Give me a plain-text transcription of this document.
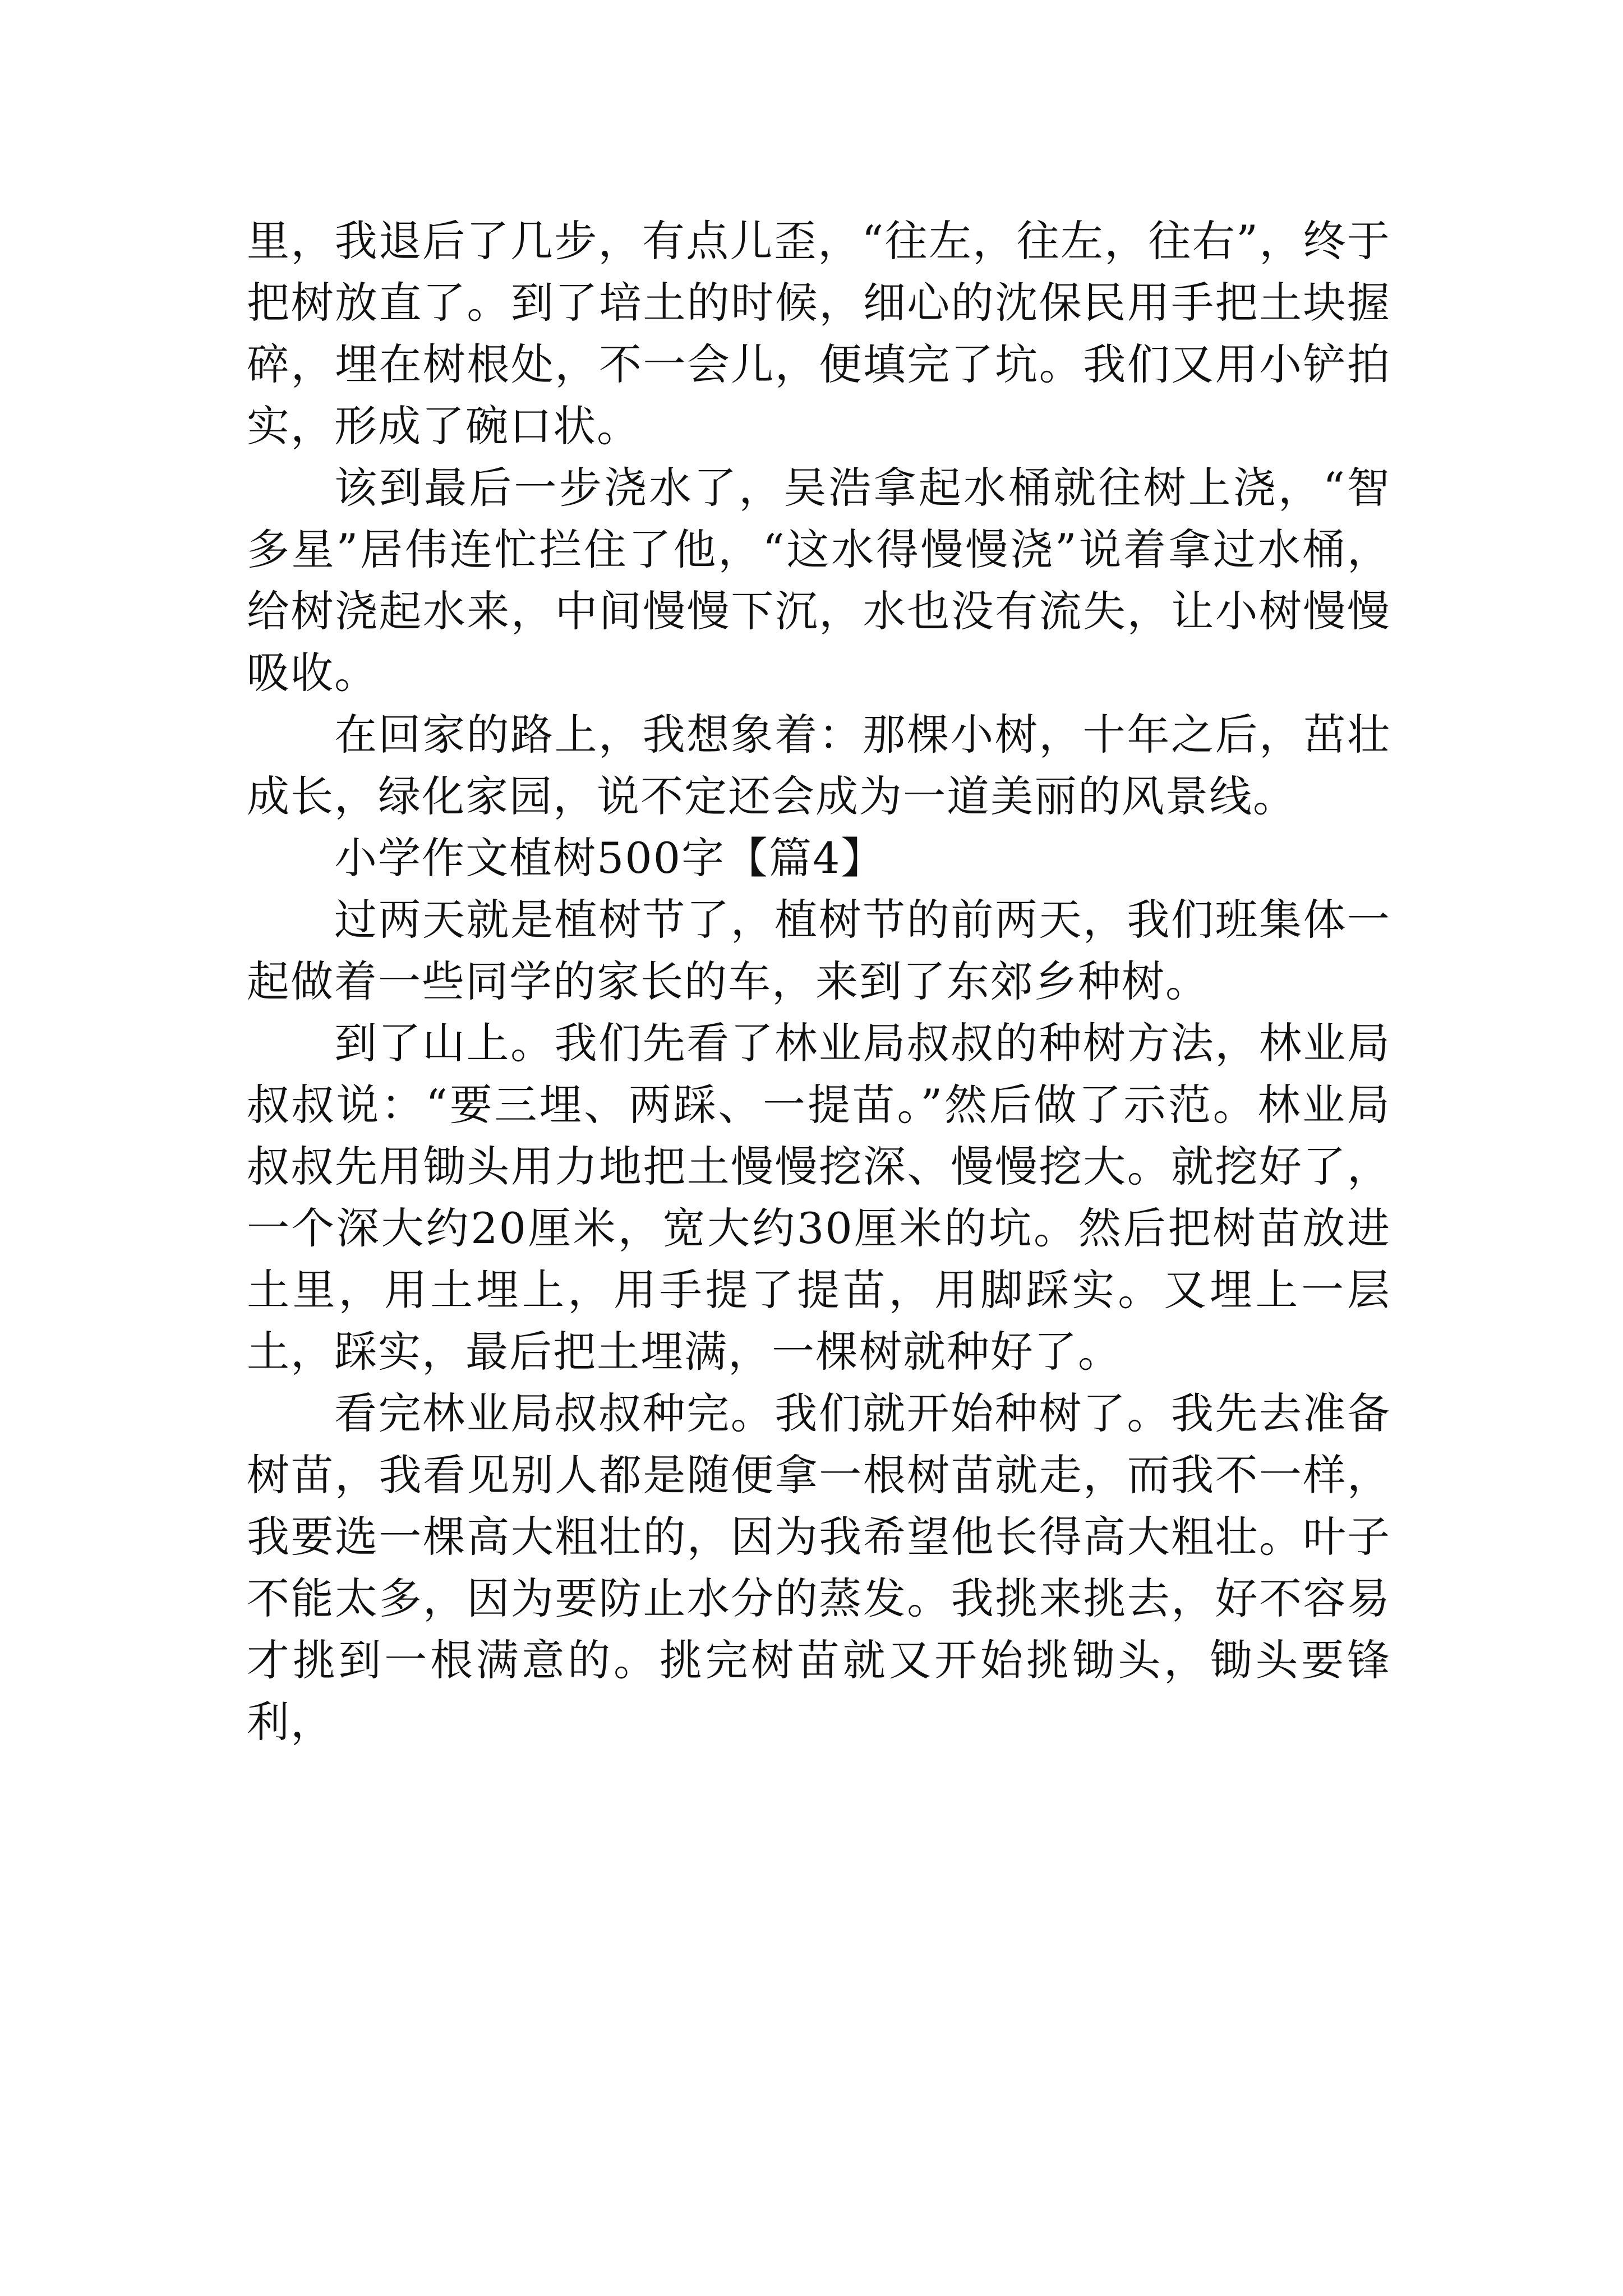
里，我退后了几步，有点儿歪，“往左，往左，往右”，终于把树放直了。到了培土的时候，细心的沈保民用手把土块握碎，埋在树根处，不一会儿，便填完了坑。我们又用小铲拍实，形成了碗口状。

该到最后一步浇水了，吴浩拿起水桶就往树上浇，“智多星”居伟连忙拦住了他，“这水得慢慢浇”说着拿过水桶，给树浇起水来，中间慢慢下沉，水也没有流失，让小树慢慢吸收。

在回家的路上，我想象着：那棵小树，十年之后，茁壮成长，绿化家园，说不定还会成为一道美丽的风景线。

小学作文植树500字【篇4】

过两天就是植树节了，植树节的前两天，我们班集体一起做着一些同学的家长的车，来到了东郊乡种树。

到了山上。我们先看了林业局叔叔的种树方法，林业局叔叔说：“要三埋、两踩、一提苗。”然后做了示范。林业局叔叔先用锄头用力地把土慢慢挖深、慢慢挖大。就挖好了，一个深大约20厘米，宽大约30厘米的坑。然后把树苗放进土里，用土埋上，用手提了提苗，用脚踩实。又埋上一层土，踩实，最后把土埋满，一棵树就种好了。

看完林业局叔叔种完。我们就开始种树了。我先去准备树苗，我看见别人都是随便拿一根树苗就走，而我不一样，我要选一棵高大粗壮的，因为我希望他长得高大粗壮。叶子不能太多，因为要防止水分的蒸发。我挑来挑去，好不容易才挑到一根满意的。挑完树苗就又开始挑锄头，锄头要锋利，
